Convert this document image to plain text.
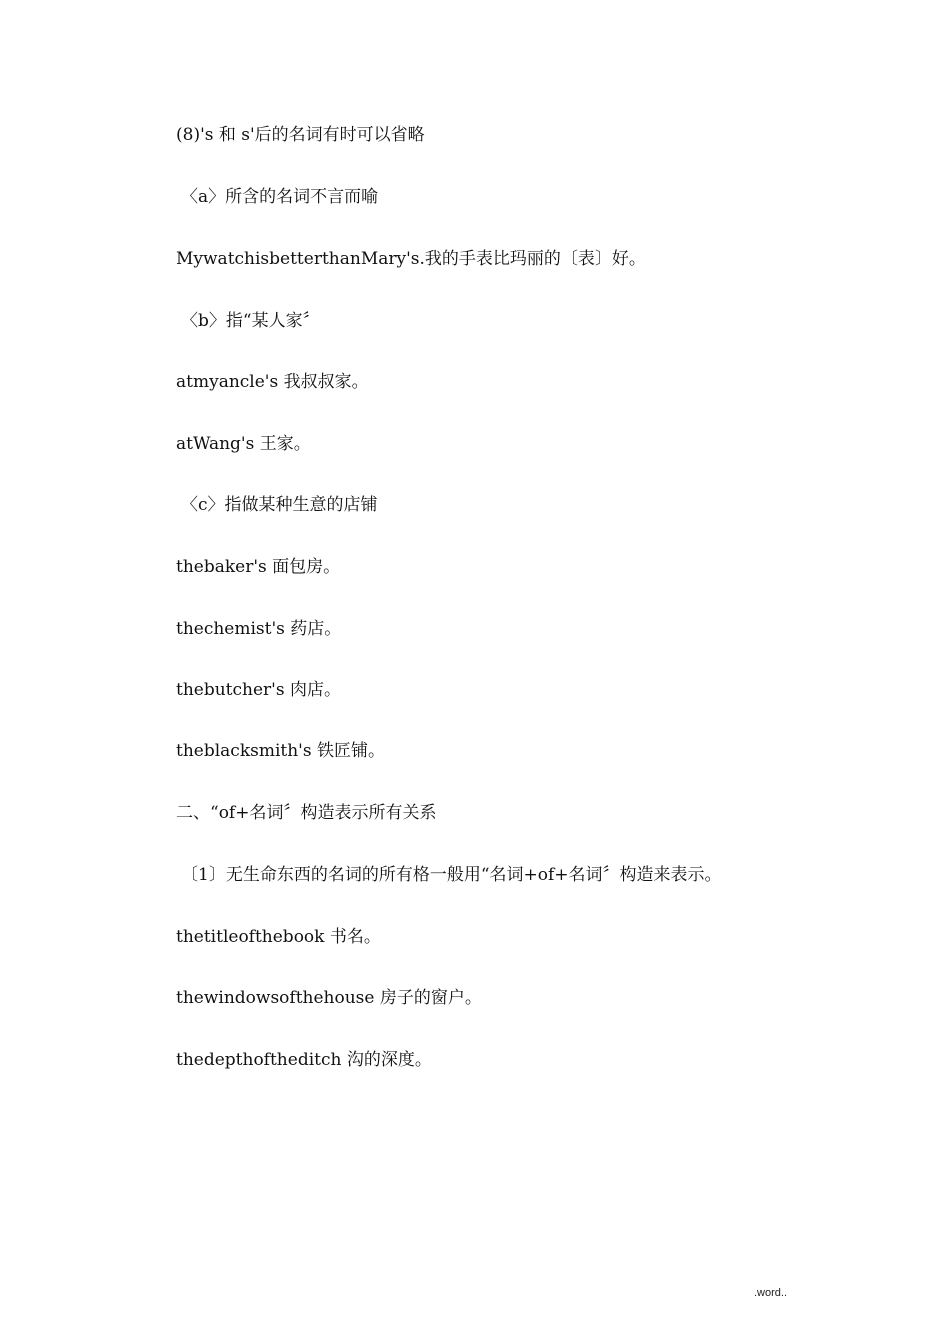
(8)'s 和 s'后的名词有时可以省略
〈a〉所含的名词不言而喻
MywatchisbetterthanMary's.我的手表比玛丽的〔表〕好。
〈b〉指“某人家〞
atmyancle's 我叔叔家。
atWang's 王家。
〈c〉指做某种生意的店铺
thebaker's 面包房。
thechemist's 药店。
thebutcher's 肉店。
theblacksmith's 铁匠铺。
二、“of+名词〞构造表示所有关系
〔1〕无生命东西的名词的所有格一般用“名词+of+名词〞构造来表示。
thetitleofthebook 书名。
thewindowsofthehouse 房子的窗户。
thedepthoftheditch 沟的深度。
.word..
